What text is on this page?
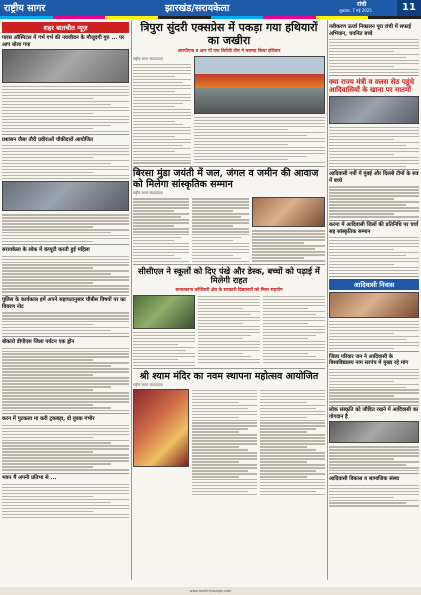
राष्ट्रीय सागर	झारखंड/सरायकेला	रांची
शुक्रवार, 7 मई 2025	11
शहर बातचीत न्यूज़
पारस ऑस्पिटल में गर्भ गर्भ की नवजीवन के मौजूदगी गुरु ... पर आप बोला गया
प्रशासन जैसा तौरी प्रवीराओं चौकीदारों आयोजित
सरायकेला के लोक में कंप्यूटी करती हुई महिला
पुलिस के कार्यकाल हमें अपने सहायतानुसार चौबीस विषयों पर का विवरण नोट
बोकारो डीपीएस जिला पर्यटन एक ड्रोन
करन में गुटकला मा करी ट्रकबड़ा, दो युवक गंभीर
भवन मैं अपनी प्रतिभा से ...
त्रिपुरा सुंदरी एक्सप्रेस में पकड़ा गया हथियारों का जखीरा
आरपीएफ व आर पी एफ विरोधी टीम ने बरामद किया हथियार
राष्ट्रीय सागर संवाददाता
बिरसा मुंडा जयंती में जल, जंगल व जमीन की आवाज को मिलेगा सांस्कृतिक सम्मान
राष्ट्रीय सागर संवाददाता
सीसीएल ने स्कूलों को दिए पंखे और डेस्क, बच्चों को पढ़ाई में मिलेगी राहत
बरकाकाना कोलियरी क्षेत्र के सरकारी विद्यालयों को मिला सहयोग
श्री श्याम मंदिर का नवम स्थापना महोत्सव आयोजित
राष्ट्रीय सागर संवाददाता
नवीकरण ऊर्जा निकालन पूरा रांची में सफाई अभियान, चयनित बच्चे
क्या राज्य मंत्री व वलस सेठ पहुंचे आदिवासियों के खाना पर मातमों
आदिवासी गर्मी में मुंबई और दिल्ली टीमों के सत्र में बच्चे
करमा में आदिवासी जिलों की प्रतिनिधि पर चर्चा सह सांस्कृतिक सम्मान
आदिवासी निवास
जिला परिवार जन ने आदिवासी के विश्वविद्यालय नाम सरपंच में मुख्य रहे मांग
लोक संस्कृति को जीवित रखने में आदिवासी का योगदान है
आदिवासी विकास व सामाजिक संस्था
www.rashtriyasagar.com
